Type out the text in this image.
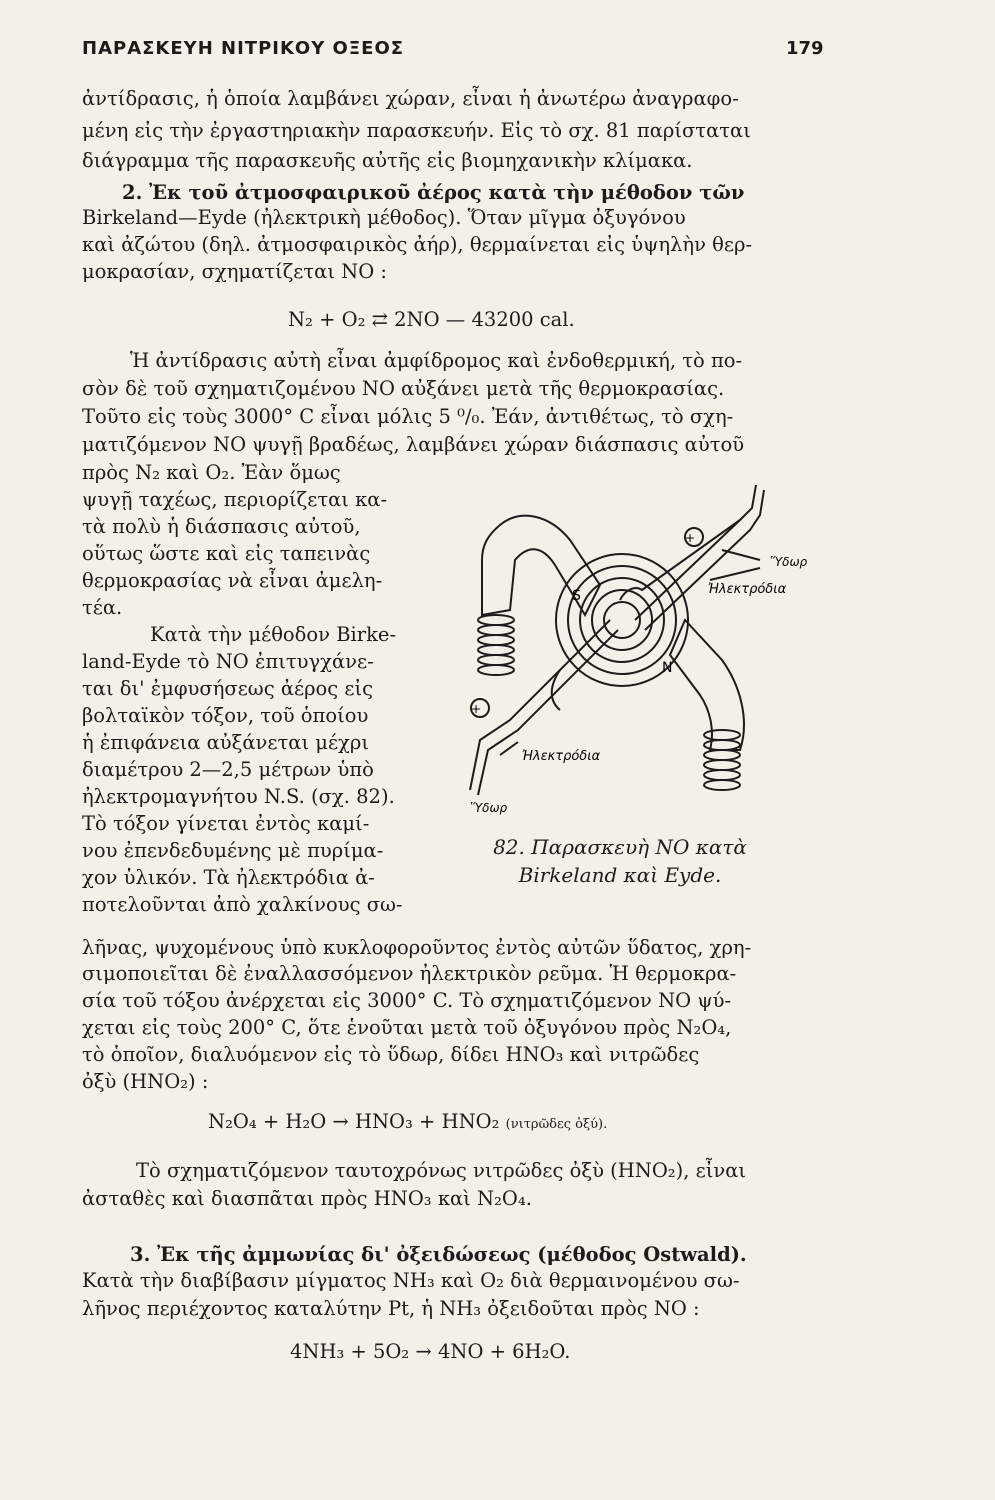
ΠΑΡΑΣΚΕΥΗ ΝΙΤΡΙΚΟΥ ΟΞΕΟΣ	179
ἀντίδρασις, ἡ ὁποία λαμβάνει χώραν, εἶναι ἡ ἀνωτέρω ἀναγραφο-
μένη εἰς τὴν ἐργαστηριακὴν παρασκευήν. Εἰς τὸ σχ. 81 παρίσταται
διάγραμμα τῆς παρασκευῆς αὐτῆς εἰς βιομηχανικὴν κλίμακα.
2. Ἐκ τοῦ ἀτμοσφαιρικοῦ ἀέρος κατὰ τὴν μέθοδον τῶν
Birkeland—Eyde (ἠλεκτρικὴ μέθοδος). Ὅταν μῖγμα ὀξυγόνου
καὶ ἀζώτου (δηλ. ἀτμοσφαιρικὸς ἀήρ), θερμαίνεται εἰς ὑψηλὴν θερ-
μοκρασίαν, σχηματίζεται NO :
N₂ + O₂ ⇄ 2NO — 43200 cal.
Ἡ ἀντίδρασις αὐτὴ εἶναι ἀμφίδρομος καὶ ἐνδοθερμική, τὸ πο-
σὸν δὲ τοῦ σχηματιζομένου NO αὐξάνει μετὰ τῆς θερμοκρασίας.
Τοῦτο εἰς τοὺς 3000° C εἶναι μόλις 5 ⁰/₀. Ἐάν, ἀντιθέτως, τὸ σχη-
ματιζόμενον NO ψυγῇ βραδέως, λαμβάνει χώραν διάσπασις αὐτοῦ
πρὸς N₂ καὶ O₂. Ἐὰν ὅμως
ψυγῇ ταχέως, περιορίζεται κα-
τὰ πολὺ ἡ διάσπασις αὐτοῦ,
οὕτως ὥστε καὶ εἰς ταπεινὰς
θερμοκρασίας νὰ εἶναι ἀμελη-
τέα.
Κατὰ τὴν μέθοδον Birke-
land-Eyde τὸ NO ἐπιτυγχάνε-
ται δι' ἐμφυσήσεως ἀέρος εἰς
βολταϊκὸν τόξον, τοῦ ὁποίου
ἡ ἐπιφάνεια αὐξάνεται μέχρι
διαμέτρου 2—2,5 μέτρων ὑπὸ
ἠλεκτρομαγνήτου N.S. (σχ. 82).
Τὸ τόξον γίνεται ἐντὸς καμί-
νου ἐπενδεδυμένης μὲ πυρίμα-
χον ὑλικόν. Τὰ ἠλεκτρόδια ἀ-
ποτελοῦνται ἀπὸ χαλκίνους σω-
+
+
S
N
Ὕδωρ
Ἠλεκτρόδια
Ἠλεκτρόδια
Ὕδωρ
82. Παρασκευὴ NO κατὰ
Birkeland καὶ Eyde.
λῆνας, ψυχομένους ὑπὸ κυκλοφοροῦντος ἐντὸς αὐτῶν ὕδατος, χρη-
σιμοποιεῖται δὲ ἐναλλασσόμενον ἠλεκτρικὸν ρεῦμα. Ἡ θερμοκρα-
σία τοῦ τόξου ἀνέρχεται εἰς 3000° C. Τὸ σχηματιζόμενον NO ψύ-
χεται εἰς τοὺς 200° C, ὅτε ἑνοῦται μετὰ τοῦ ὀξυγόνου πρὸς N₂O₄,
τὸ ὁποῖον, διαλυόμενον εἰς τὸ ὕδωρ, δίδει HNO₃ καὶ νιτρῶδες
ὀξὺ (HNO₂) :
N₂O₄ + H₂O → HNO₃ + HNO₂ (νιτρῶδες ὀξύ).
Τὸ σχηματιζόμενον ταυτοχρόνως νιτρῶδες ὀξὺ (HNO₂), εἶναι
ἀσταθὲς καὶ διασπᾶται πρὸς HNO₃ καὶ N₂O₄.
3. Ἐκ τῆς ἀμμωνίας δι' ὀξειδώσεως (μέθοδος Ostwald).
Κατὰ τὴν διαβίβασιν μίγματος NH₃ καὶ O₂ διὰ θερμαινομένου σω-
λῆνος περιέχοντος καταλύτην Pt, ἡ NH₃ ὀξειδοῦται πρὸς NO :
4NH₃ + 5O₂ → 4NO + 6H₂O.
